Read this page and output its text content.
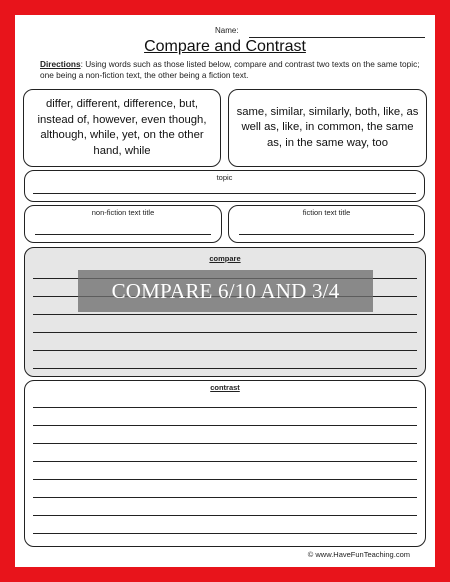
Name:
Compare and Contrast
Directions: Using words such as those listed below, compare and contrast two texts on the same topic; one being a non-fiction text, the other being a fiction text.
differ, different, difference, but, instead of, however, even though, although, while, yet, on the other hand, while
same, similar, similarly, both, like, as well as, like, in common, the same as, in the same way, too
topic
non-fiction text title	fiction text title
compare
contrast
© www.HaveFunTeaching.com
COMPARE 6/10 AND 3/4
